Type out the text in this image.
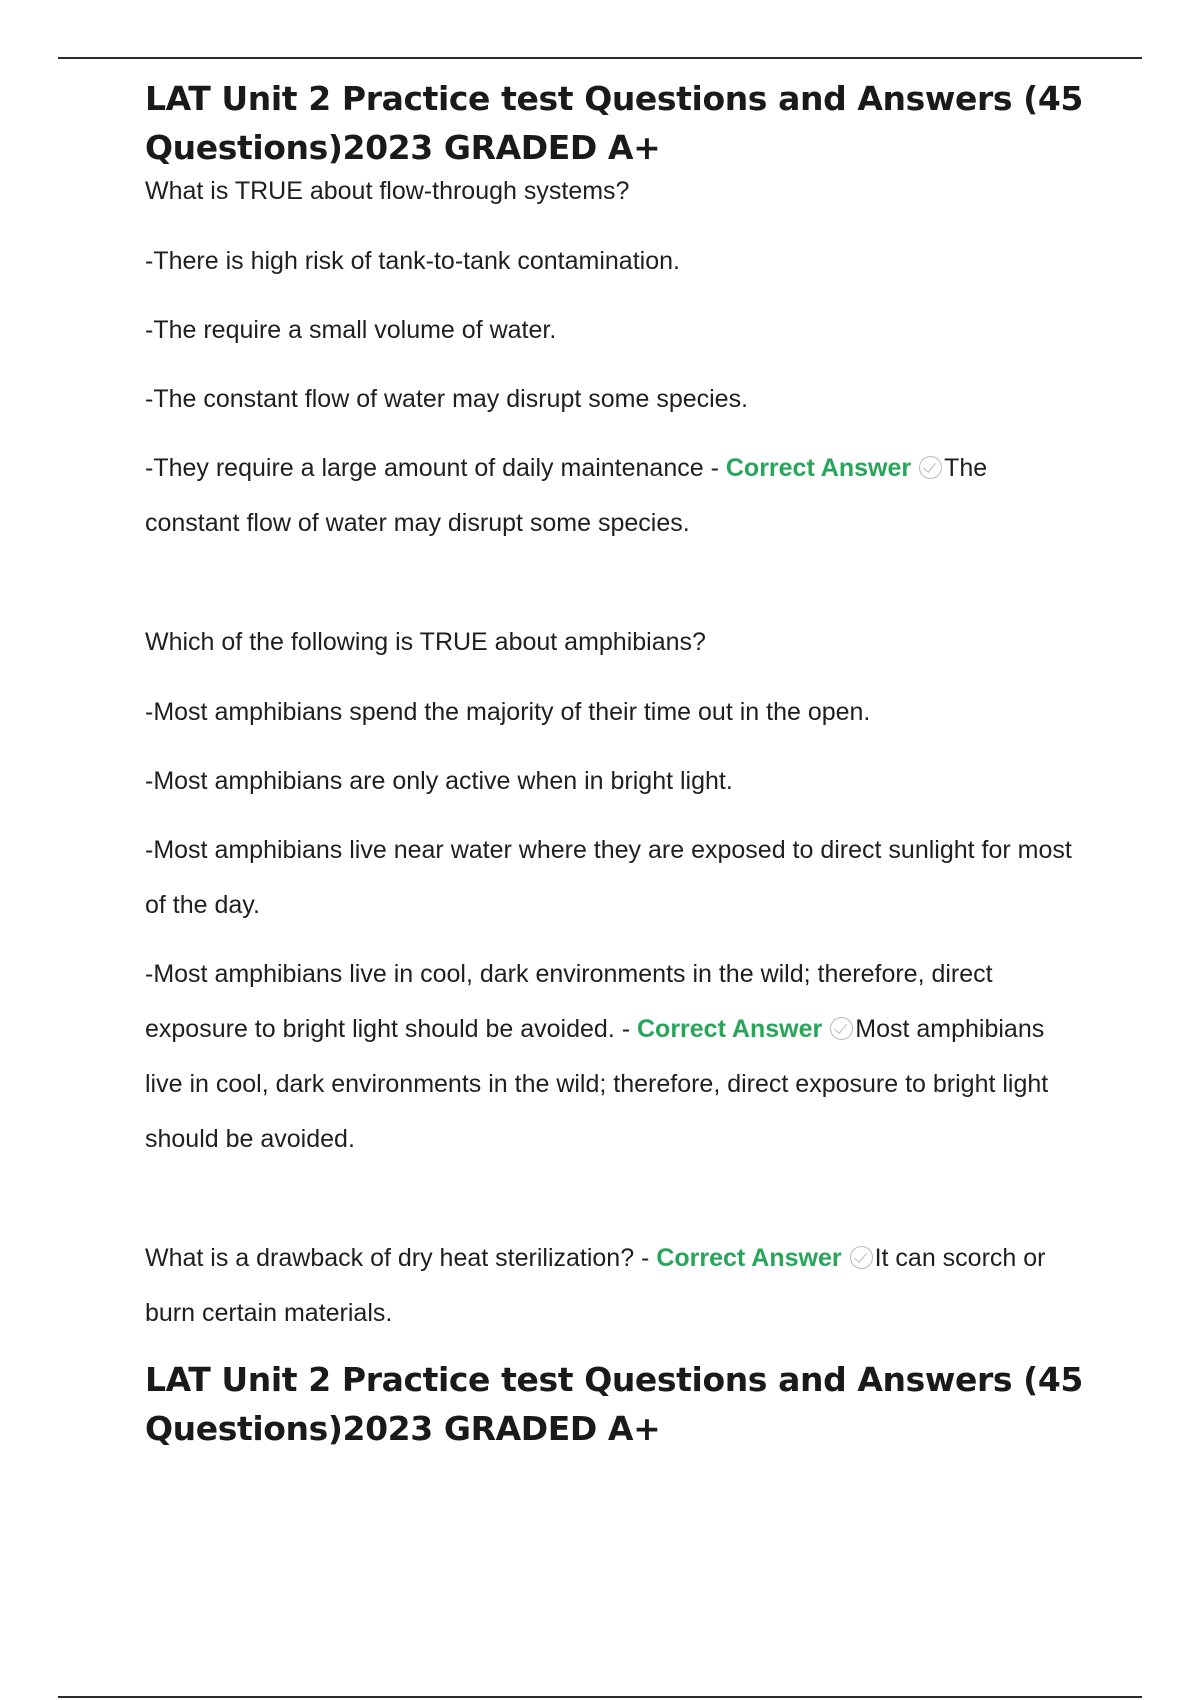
LAT Unit 2 Practice test Questions and Answers (45 Questions)2023 GRADED A+

What is TRUE about flow-through systems?

-There is high risk of tank-to-tank contamination.

-The require a small volume of water.

-The constant flow of water may disrupt some species.

-They require a large amount of daily maintenance - Correct Answer The constant flow of water may disrupt some species.

Which of the following is TRUE about amphibians?

-Most amphibians spend the majority of their time out in the open.

-Most amphibians are only active when in bright light.

-Most amphibians live near water where they are exposed to direct sunlight for most of the day.

-Most amphibians live in cool, dark environments in the wild; therefore, direct exposure to bright light should be avoided. - Correct Answer Most amphibians live in cool, dark environments in the wild; therefore, direct exposure to bright light should be avoided.

What is a drawback of dry heat sterilization? - Correct Answer It can scorch or burn certain materials.

LAT Unit 2 Practice test Questions and Answers (45 Questions)2023 GRADED A+
